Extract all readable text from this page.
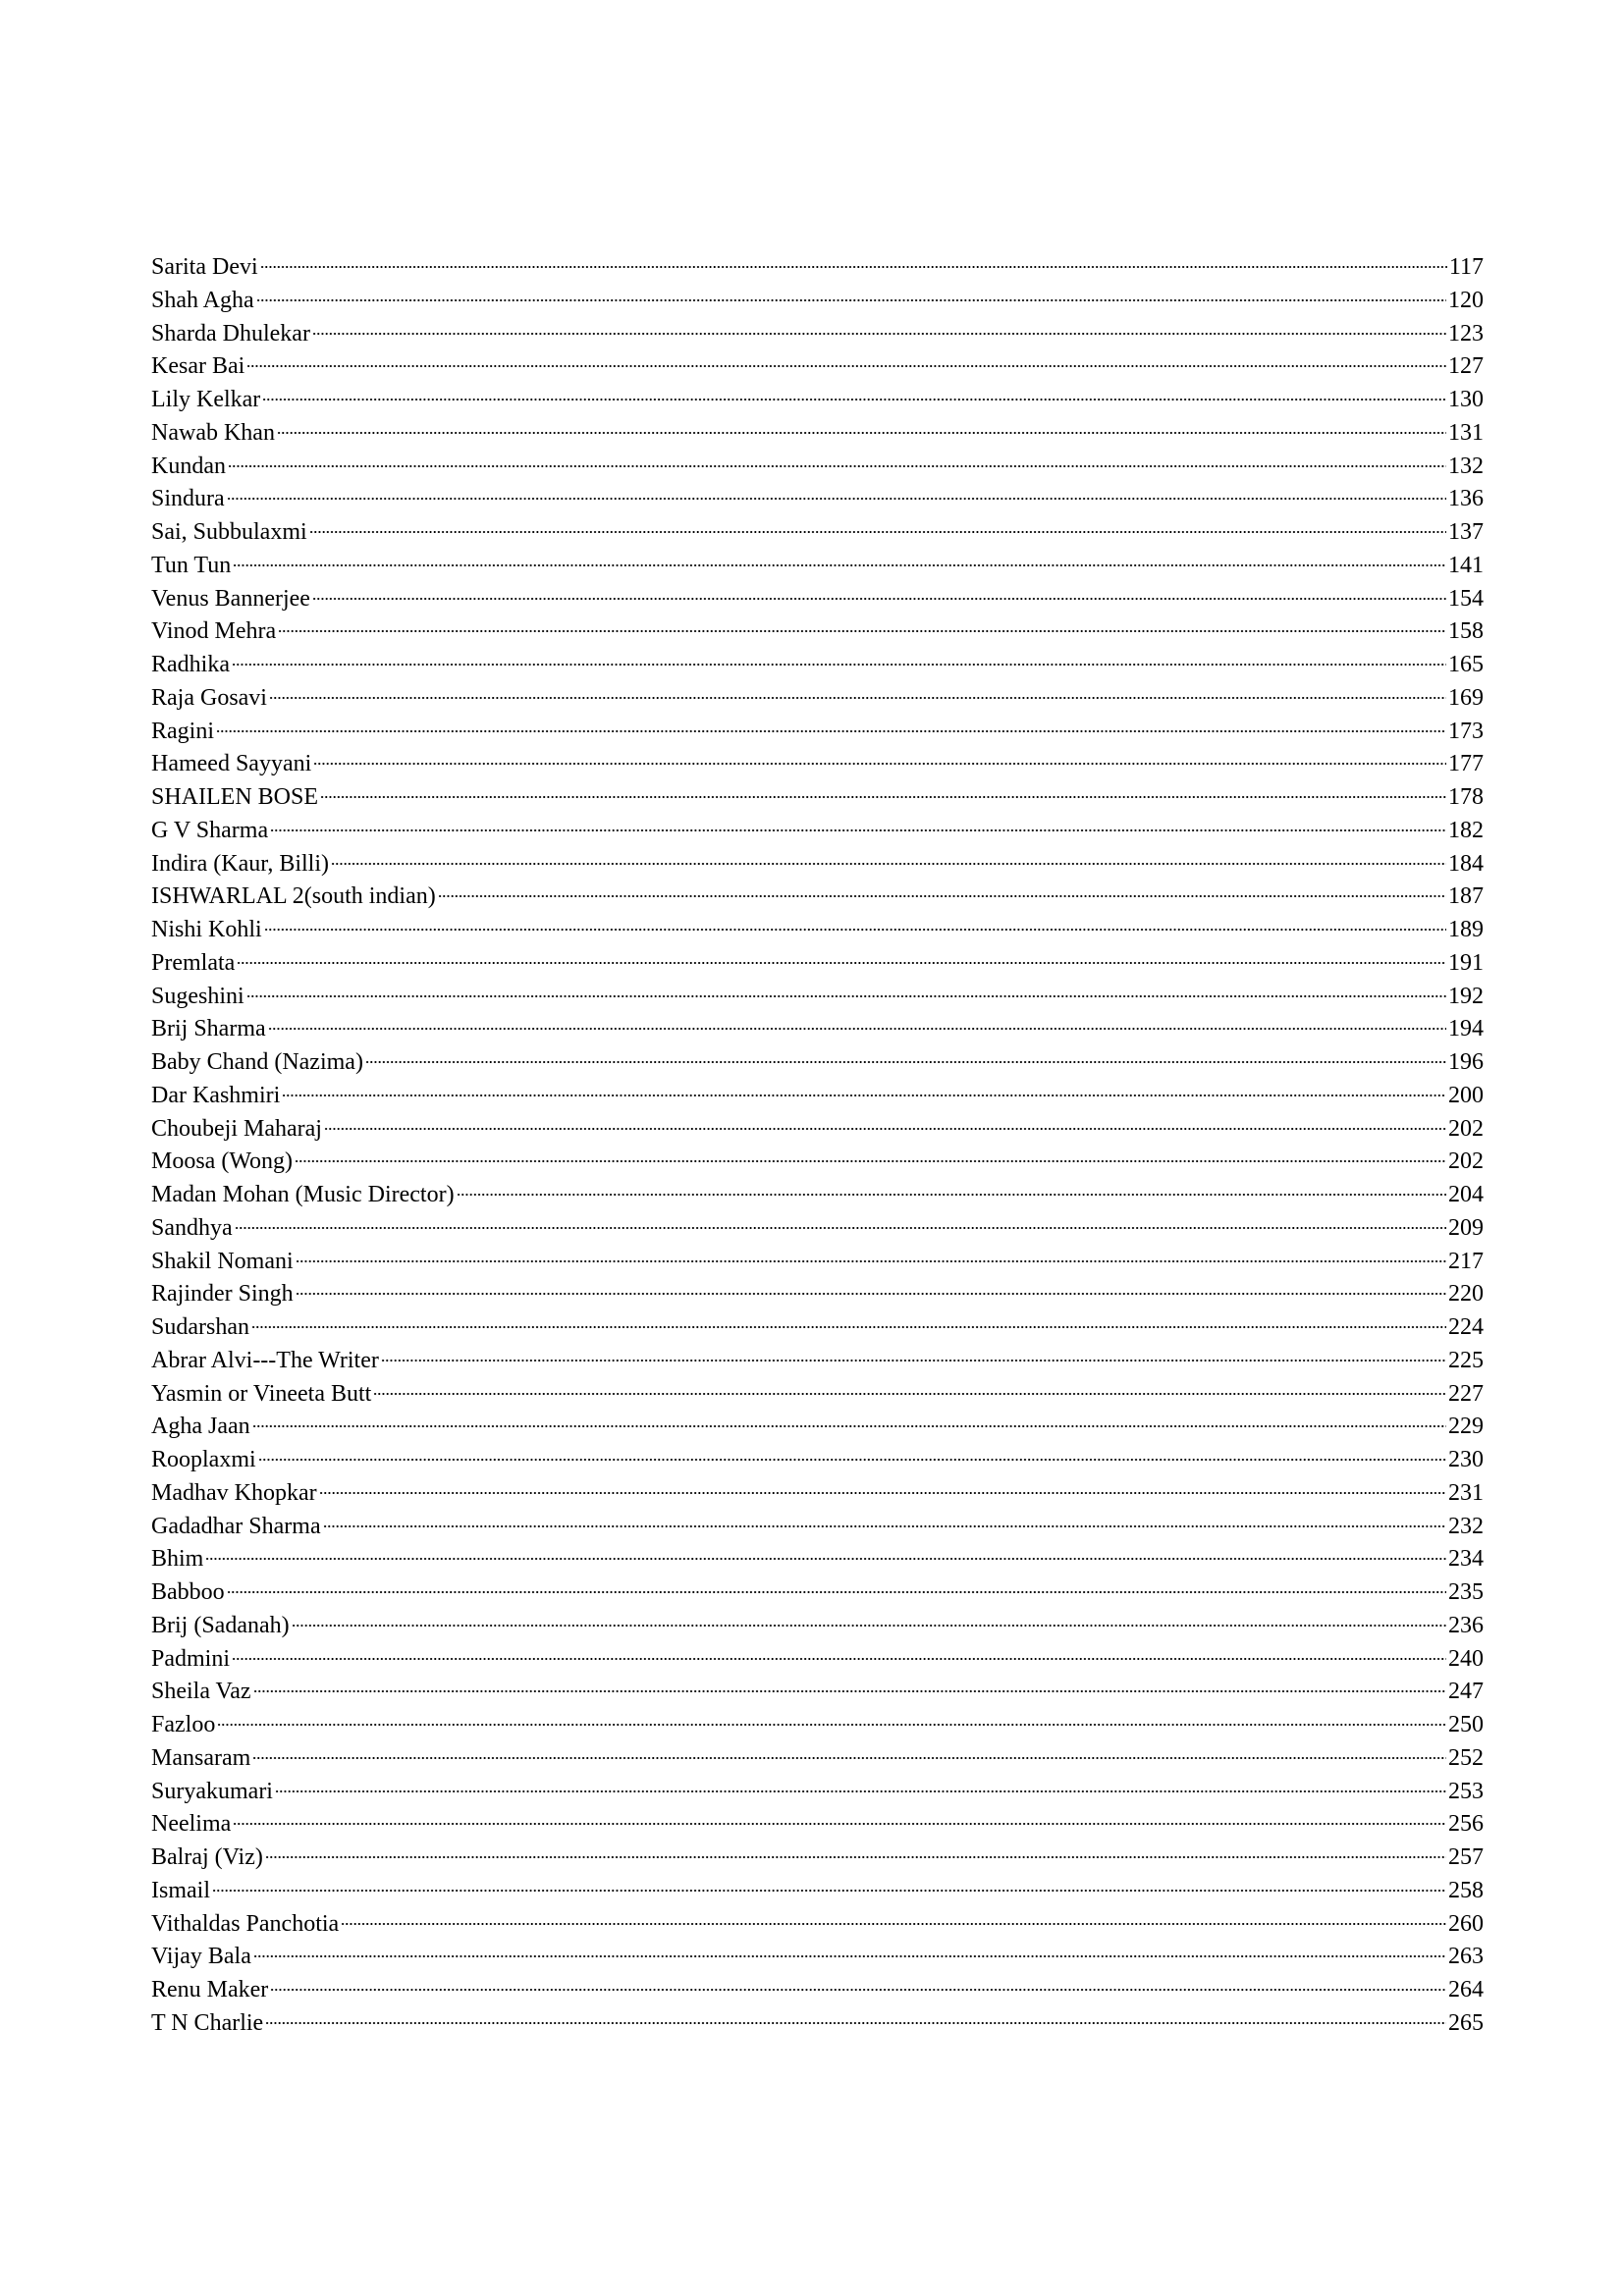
Sarita Devi	117
Shah Agha	120
Sharda Dhulekar	123
Kesar Bai	127
Lily Kelkar	130
Nawab Khan	131
Kundan	132
Sindura	136
Sai, Subbulaxmi	137
Tun Tun	141
Venus Bannerjee	154
Vinod Mehra	158
Radhika	165
Raja Gosavi	169
Ragini	173
Hameed Sayyani	177
SHAILEN BOSE	178
G V Sharma	182
Indira (Kaur, Billi)	184
ISHWARLAL 2(south indian)	187
Nishi Kohli	189
Premlata	191
Sugeshini	192
Brij Sharma	194
Baby Chand (Nazima)	196
Dar Kashmiri	200
Choubeji Maharaj	202
Moosa (Wong)	202
Madan Mohan (Music Director)	204
Sandhya	209
Shakil Nomani	217
Rajinder Singh	220
Sudarshan	224
Abrar Alvi---The Writer	225
Yasmin or Vineeta Butt	227
Agha Jaan	229
Rooplaxmi	230
Madhav Khopkar	231
Gadadhar Sharma	232
Bhim	234
Babboo	235
Brij (Sadanah)	236
Padmini	240
Sheila Vaz	247
Fazloo	250
Mansaram	252
Suryakumari	253
Neelima	256
Balraj (Viz)	257
Ismail	258
Vithaldas Panchotia	260
Vijay Bala	263
Renu Maker	264
T N Charlie	265
